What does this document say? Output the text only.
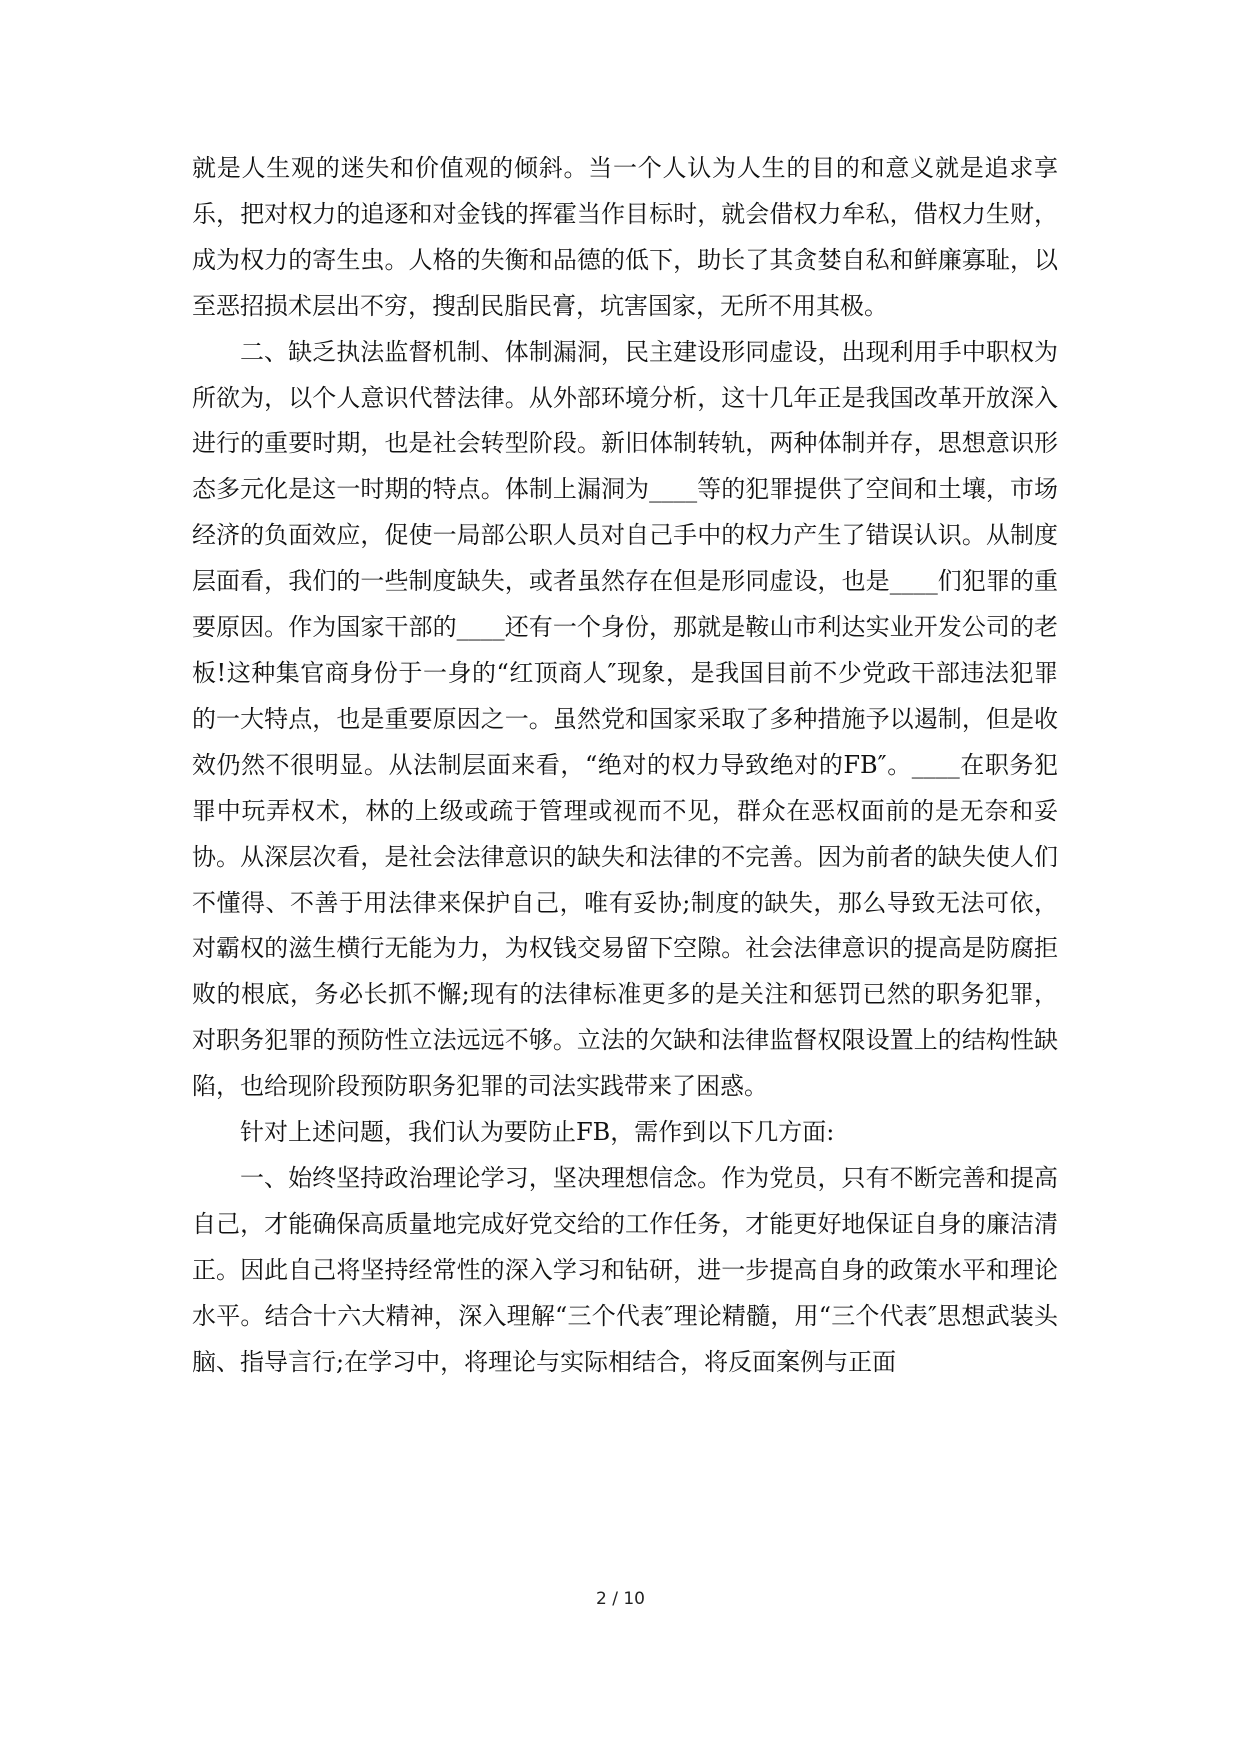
就是人生观的迷失和价值观的倾斜。当一个人认为人生的目的和意义就是追求享乐，把对权力的追逐和对金钱的挥霍当作目标时，就会借权力牟私，借权力生财，成为权力的寄生虫。人格的失衡和品德的低下，助长了其贪婪自私和鲜廉寡耻，以至恶招损术层出不穷，搜刮民脂民膏，坑害国家，无所不用其极。

二、缺乏执法监督机制、体制漏洞，民主建设形同虚设，出现利用手中职权为所欲为，以个人意识代替法律。从外部环境分析，这十几年正是我国改革开放深入进行的重要时期，也是社会转型阶段。新旧体制转轨，两种体制并存，思想意识形态多元化是这一时期的特点。体制上漏洞为____等的犯罪提供了空间和土壤，市场经济的负面效应，促使一局部公职人员对自己手中的权力产生了错误认识。从制度层面看，我们的一些制度缺失，或者虽然存在但是形同虚设，也是____们犯罪的重要原因。作为国家干部的____还有一个身份，那就是鞍山市利达实业开发公司的老板!这种集官商身份于一身的“红顶商人″现象，是我国目前不少党政干部违法犯罪的一大特点，也是重要原因之一。虽然党和国家采取了多种措施予以遏制，但是收效仍然不很明显。从法制层面来看，“绝对的权力导致绝对的FB″。____在职务犯罪中玩弄权术，林的上级或疏于管理或视而不见，群众在恶权面前的是无奈和妥协。从深层次看，是社会法律意识的缺失和法律的不完善。因为前者的缺失使人们不懂得、不善于用法律来保护自己，唯有妥协;制度的缺失，那么导致无法可依，对霸权的滋生横行无能为力，为权钱交易留下空隙。社会法律意识的提高是防腐拒败的根底，务必长抓不懈;现有的法律标准更多的是关注和惩罚已然的职务犯罪，对职务犯罪的预防性立法远远不够。立法的欠缺和法律监督权限设置上的结构性缺陷，也给现阶段预防职务犯罪的司法实践带来了困惑。

针对上述问题，我们认为要防止FB，需作到以下几方面:

一、始终坚持政治理论学习，坚决理想信念。作为党员，只有不断完善和提高自己，才能确保高质量地完成好党交给的工作任务，才能更好地保证自身的廉洁清正。因此自己将坚持经常性的深入学习和钻研，进一步提高自身的政策水平和理论水平。结合十六大精神，深入理解“三个代表″理论精髓，用“三个代表″思想武装头脑、指导言行;在学习中，将理论与实际相结合，将反面案例与正面

2 / 10
